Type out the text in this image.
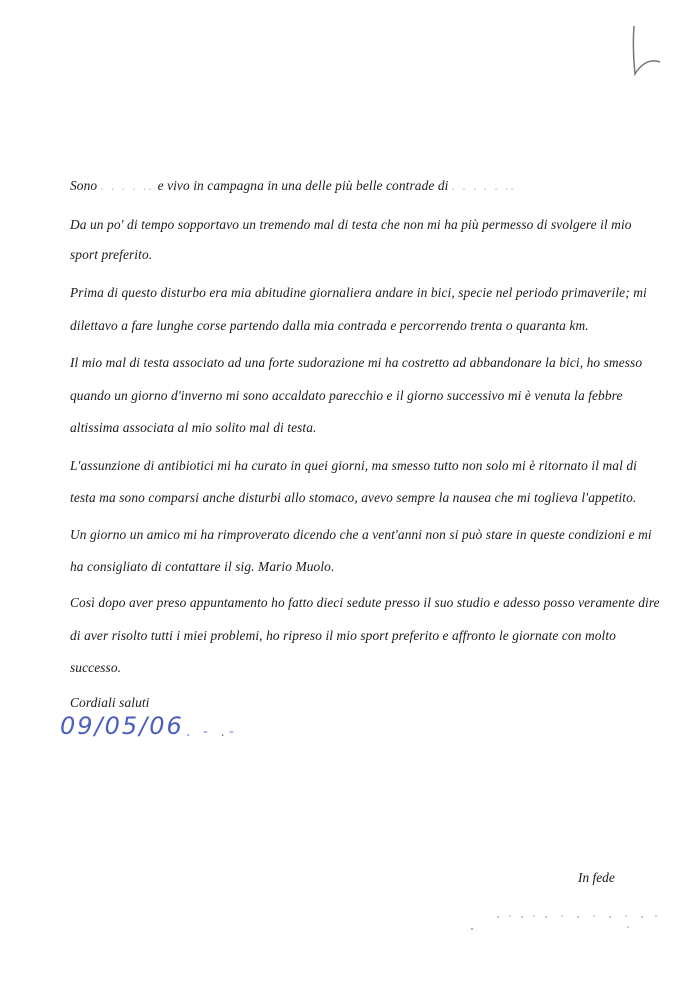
Sono . . . . .. e vivo in campagna in una delle più belle contrade di . . . . . ..
Da un po' di tempo sopportavo un tremendo mal di testa che non mi ha più permesso di svolgere il mio
sport preferito.
Prima di questo disturbo era mia abitudine giornaliera andare in bici, specie nel periodo primaverile; mi
dilettavo a fare lunghe corse partendo dalla mia contrada e percorrendo trenta o quaranta km.
Il mio mal di testa associato ad una forte sudorazione mi ha costretto ad abbandonare la bici, ho smesso
quando un giorno d'inverno mi sono accaldato parecchio e il giorno successivo mi è venuta la febbre
altissima associata al mio solito mal di testa.
L'assunzione di antibiotici mi ha curato in quei giorni, ma smesso tutto non solo mi è ritornato il mal di
testa ma sono comparsi anche disturbi allo stomaco, avevo sempre la nausea che mi toglieva l'appetito.
Un giorno un amico mi ha rimproverato dicendo che a vent'anni non si può stare in queste condizioni e mi
ha consigliato di contattare il sig. Mario Muolo.
Così dopo aver preso appuntamento ho fatto dieci sedute presso il suo studio e adesso posso veramente dire
di aver risolto tutti i miei problemi, ho ripreso il mio sport preferito e affronto le giornate con molto
successo.
Cordiali saluti
09/05/06 . - .-
In fede
